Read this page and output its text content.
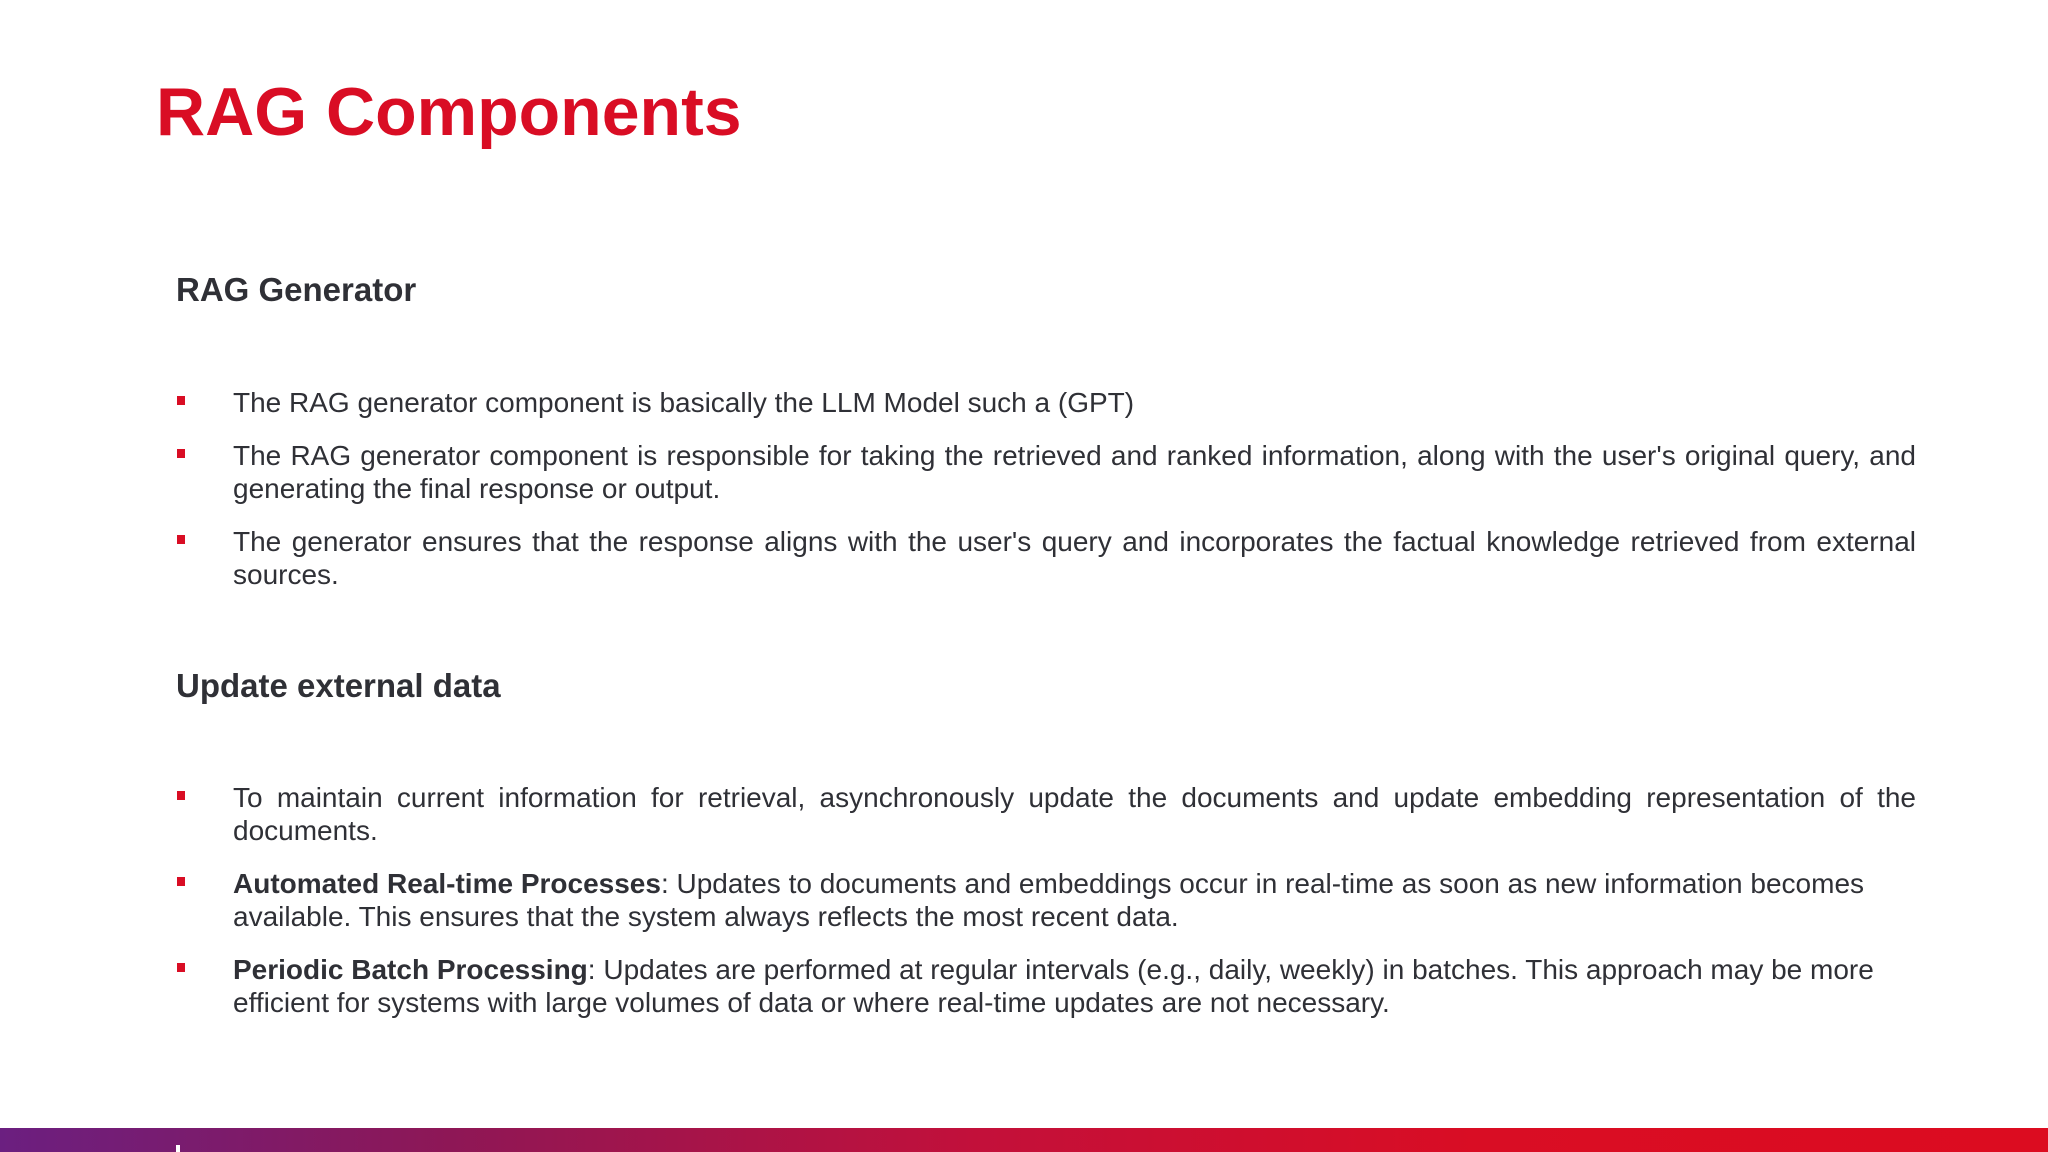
RAG Components
RAG Generator
The RAG generator component is basically the LLM Model such a (GPT)
The RAG generator component is responsible for taking the retrieved and ranked information, along with the user's original query, and generating the final response or output.
The generator ensures that the response aligns with the user's query and incorporates the factual knowledge retrieved from external sources.
Update external data
To maintain current information for retrieval, asynchronously update the documents and update embedding representation of the documents.
Automated Real-time Processes: Updates to documents and embeddings occur in real-time as soon as new information becomes available. This ensures that the system always reflects the most recent data.
Periodic Batch Processing: Updates are performed at regular intervals (e.g., daily, weekly) in batches. This approach may be more efficient for systems with large volumes of data or where real-time updates are not necessary.
